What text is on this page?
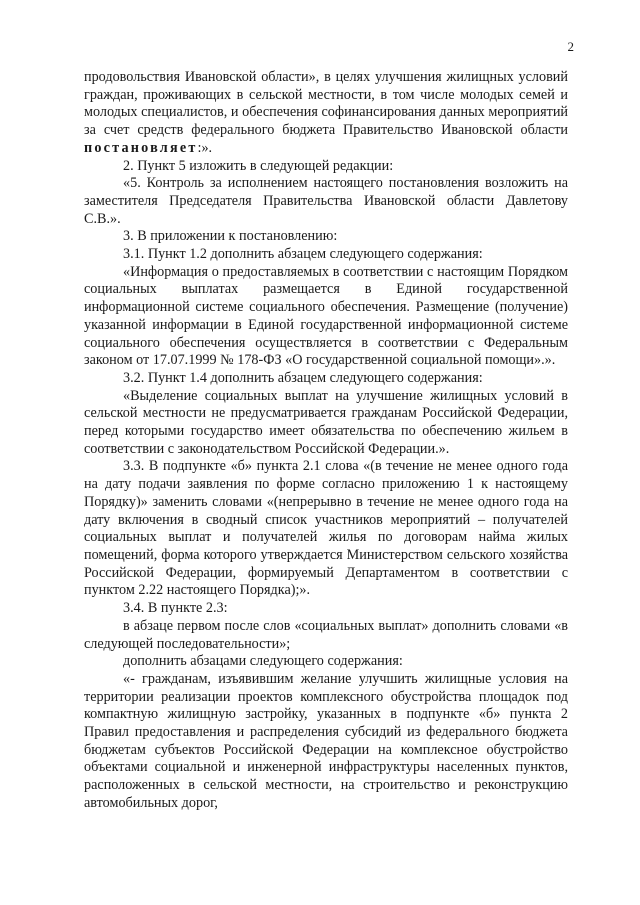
2

продовольствия Ивановской области», в целях улучшения жилищных условий граждан, проживающих в сельской местности, в том числе молодых семей и молодых специалистов, и обеспечения софинансирования данных мероприятий за счет средств федерального бюджета Правительство Ивановской области постановляет:».

2. Пункт 5 изложить в следующей редакции:

«5. Контроль за исполнением настоящего постановления возложить на заместителя Председателя Правительства Ивановской области Давлетову С.В.».

3. В приложении к постановлению:

3.1. Пункт 1.2 дополнить абзацем следующего содержания:

«Информация о предоставляемых в соответствии с настоящим Порядком социальных выплатах размещается в Единой государственной информационной системе социального обеспечения. Размещение (получение) указанной информации в Единой государственной информационной системе социального обеспечения осуществляется в соответствии с Федеральным законом от 17.07.1999 № 178-ФЗ «О государственной социальной помощи».».

3.2. Пункт 1.4 дополнить абзацем следующего содержания:

«Выделение социальных выплат на улучшение жилищных условий в сельской местности не предусматривается гражданам Российской Федерации, перед которыми государство имеет обязательства по обеспечению жильем в соответствии с законодательством Российской Федерации.».

3.3. В подпункте «б» пункта 2.1 слова «(в течение не менее одного года на дату подачи заявления по форме согласно приложению 1 к настоящему Порядку)» заменить словами «(непрерывно в течение не менее одного года на дату включения в сводный список участников мероприятий – получателей социальных выплат и получателей жилья по договорам найма жилых помещений, форма которого утверждается Министерством сельского хозяйства Российской Федерации, формируемый Департаментом в соответствии с пунктом 2.22 настоящего Порядка);».

3.4. В пункте 2.3:

в абзаце первом после слов «социальных выплат» дополнить словами «в следующей последовательности»;

дополнить абзацами следующего содержания:

«- гражданам, изъявившим желание улучшить жилищные условия на территории реализации проектов комплексного обустройства площадок под компактную жилищную застройку, указанных в подпункте «б» пункта 2 Правил предоставления и распределения субсидий из федерального бюджета бюджетам субъектов Российской Федерации на комплексное обустройство объектами социальной и инженерной инфраструктуры населенных пунктов, расположенных в сельской местности, на строительство и реконструкцию автомобильных дорог,
